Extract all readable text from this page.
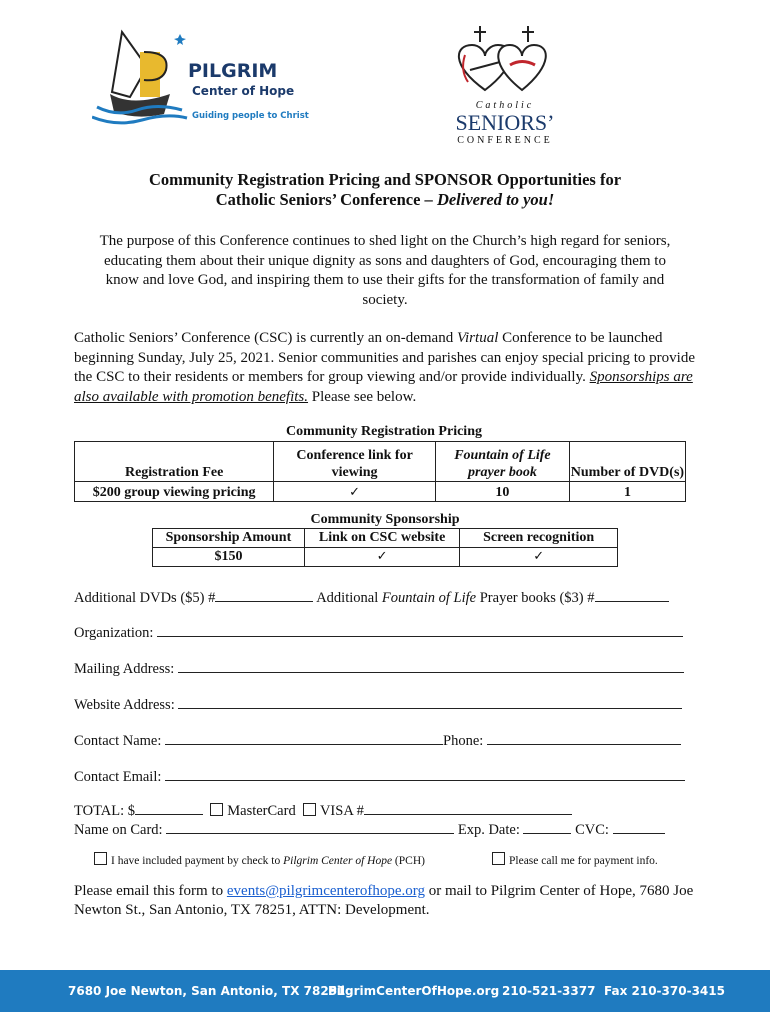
PILGRIM
Center of Hope
Guiding people to Christ
Catholic
SENIORS’
CONFERENCE
Community Registration Pricing and SPONSOR Opportunities for
Catholic Seniors’ Conference – Delivered to you!
The purpose of this Conference continues to shed light on the Church’s high regard for seniors, educating them about their unique dignity as sons and daughters of God, encouraging them to know and love God, and inspiring them to use their gifts for the transformation of family and society.
Catholic Seniors’ Conference (CSC) is currently an on-demand Virtual Conference to be launched beginning Sunday, July 25, 2021. Senior communities and parishes can enjoy special pricing to provide the CSC to their residents or members for group viewing and/or provide individually. Sponsorships are also available with promotion benefits. Please see below.
Community Registration Pricing
Registration Fee	Conference link for viewing	Fountain of Life prayer book	Number of DVD(s)
$200 group viewing pricing	✓	10	1
Community Sponsorship
Sponsorship Amount	Link on CSC website	Screen recognition
$150	✓	✓
Additional DVDs ($5) #	Additional Fountain of Life Prayer books ($3) #
Organization:
Mailing Address:
Website Address:
Contact Name:	Phone:
Contact Email:
TOTAL: $	MasterCard VISA #
Name on Card:	Exp. Date:	CVC:
I have included payment by check to Pilgrim Center of Hope (PCH)	Please call me for payment info.
Please email this form to events@pilgrimcenterofhope.org or mail to Pilgrim Center of Hope, 7680 Joe Newton St., San Antonio, TX 78251, ATTN: Development.
7680 Joe Newton, San Antonio, TX 78251
PilgrimCenterOfHope.org 210-521-3377 Fax 210-370-3415
